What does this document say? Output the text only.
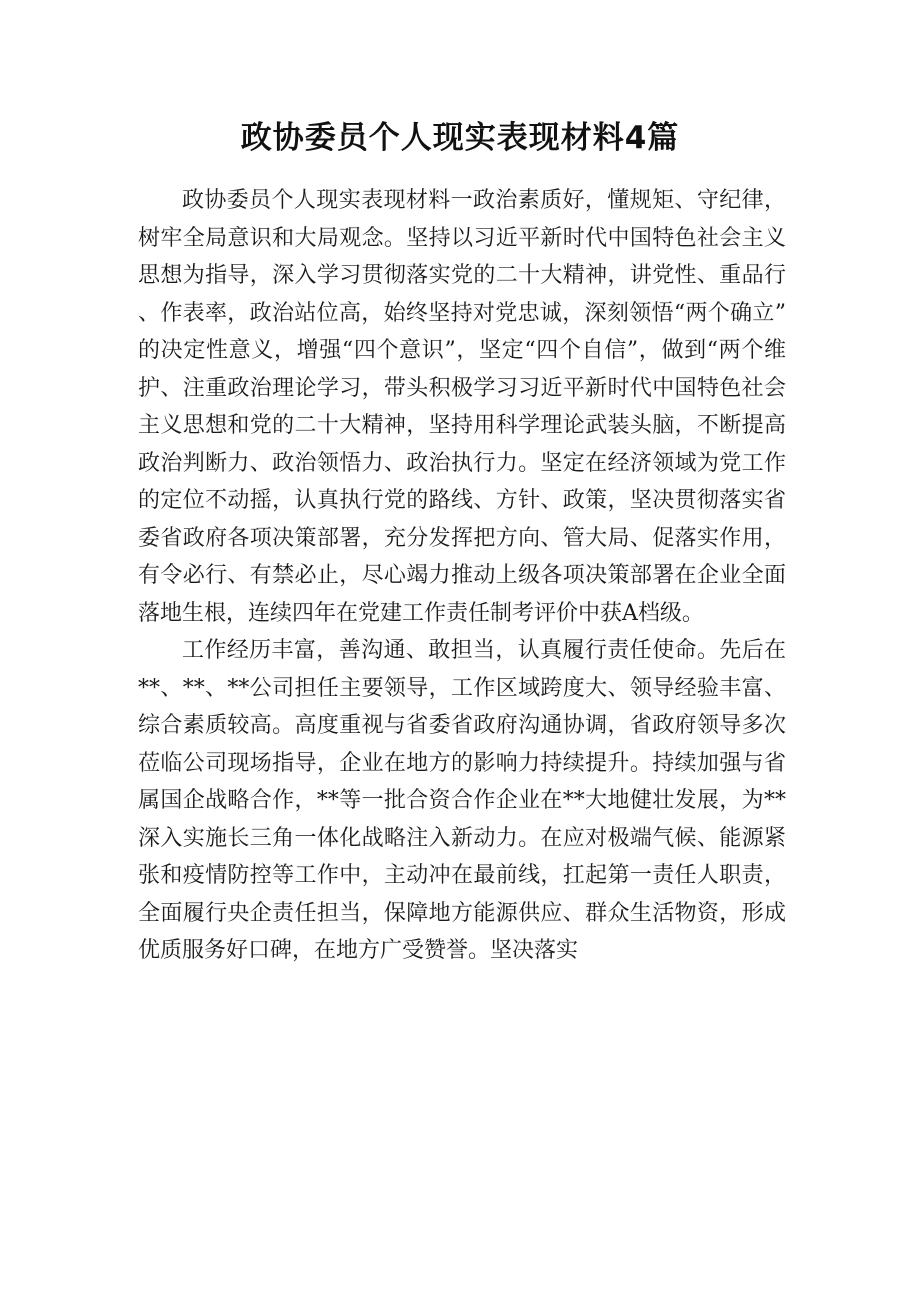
政协委员个人现实表现材料4篇

政协委员个人现实表现材料一政治素质好，懂规矩、守纪律，树牢全局意识和大局观念。坚持以习近平新时代中国特色社会主义思想为指导，深入学习贯彻落实党的二十大精神，讲党性、重品行、作表率，政治站位高，始终坚持对党忠诚，深刻领悟“两个确立”的决定性意义，增强“四个意识”，坚定“四个自信”，做到“两个维护、注重政治理论学习，带头积极学习习近平新时代中国特色社会主义思想和党的二十大精神，坚持用科学理论武装头脑，不断提高政治判断力、政治领悟力、政治执行力。坚定在经济领域为党工作的定位不动摇，认真执行党的路线、方针、政策，坚决贯彻落实省委省政府各项决策部署，充分发挥把方向、管大局、促落实作用，有令必行、有禁必止，尽心竭力推动上级各项决策部署在企业全面落地生根，连续四年在党建工作责任制考评价中获A档级。

工作经历丰富，善沟通、敢担当，认真履行责任使命。先后在**、**、**公司担任主要领导，工作区域跨度大、领导经验丰富、综合素质较高。高度重视与省委省政府沟通协调，省政府领导多次莅临公司现场指导，企业在地方的影响力持续提升。持续加强与省属国企战略合作，**等一批合资合作企业在**大地健壮发展，为**深入实施长三角一体化战略注入新动力。在应对极端气候、能源紧张和疫情防控等工作中，主动冲在最前线，扛起第一责任人职责，全面履行央企责任担当，保障地方能源供应、群众生活物资，形成优质服务好口碑，在地方广受赞誉。坚决落实
